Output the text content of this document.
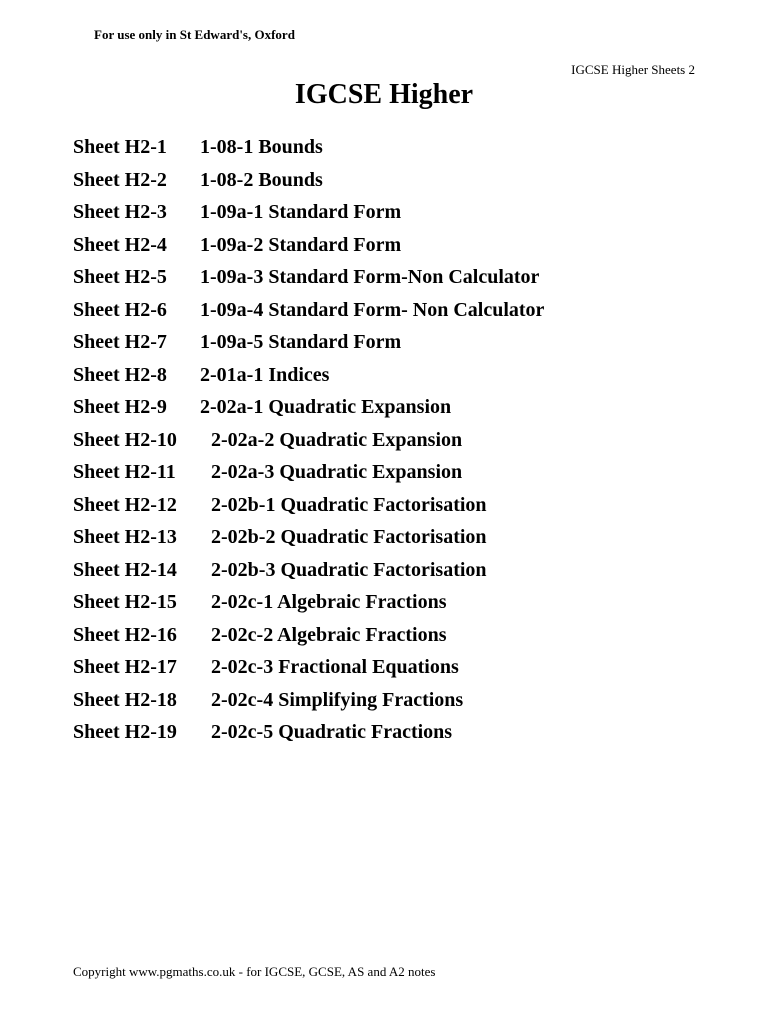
For use only in St Edward's, Oxford
IGCSE Higher Sheets 2
IGCSE Higher
Sheet H2-1	1-08-1 Bounds
Sheet H2-2	1-08-2 Bounds
Sheet H2-3	1-09a-1 Standard Form
Sheet H2-4	1-09a-2 Standard Form
Sheet H2-5	1-09a-3 Standard Form-Non Calculator
Sheet H2-6	1-09a-4 Standard Form- Non Calculator
Sheet H2-7	1-09a-5 Standard Form
Sheet H2-8	2-01a-1 Indices
Sheet H2-9	2-02a-1 Quadratic Expansion
Sheet H2-10	2-02a-2 Quadratic Expansion
Sheet H2-11	2-02a-3 Quadratic Expansion
Sheet H2-12	2-02b-1 Quadratic Factorisation
Sheet H2-13	2-02b-2 Quadratic Factorisation
Sheet H2-14	2-02b-3 Quadratic Factorisation
Sheet H2-15	2-02c-1 Algebraic Fractions
Sheet H2-16	2-02c-2 Algebraic Fractions
Sheet H2-17	2-02c-3 Fractional Equations
Sheet H2-18	2-02c-4 Simplifying Fractions
Sheet H2-19	2-02c-5 Quadratic Fractions
Copyright www.pgmaths.co.uk - for IGCSE, GCSE, AS and A2 notes
